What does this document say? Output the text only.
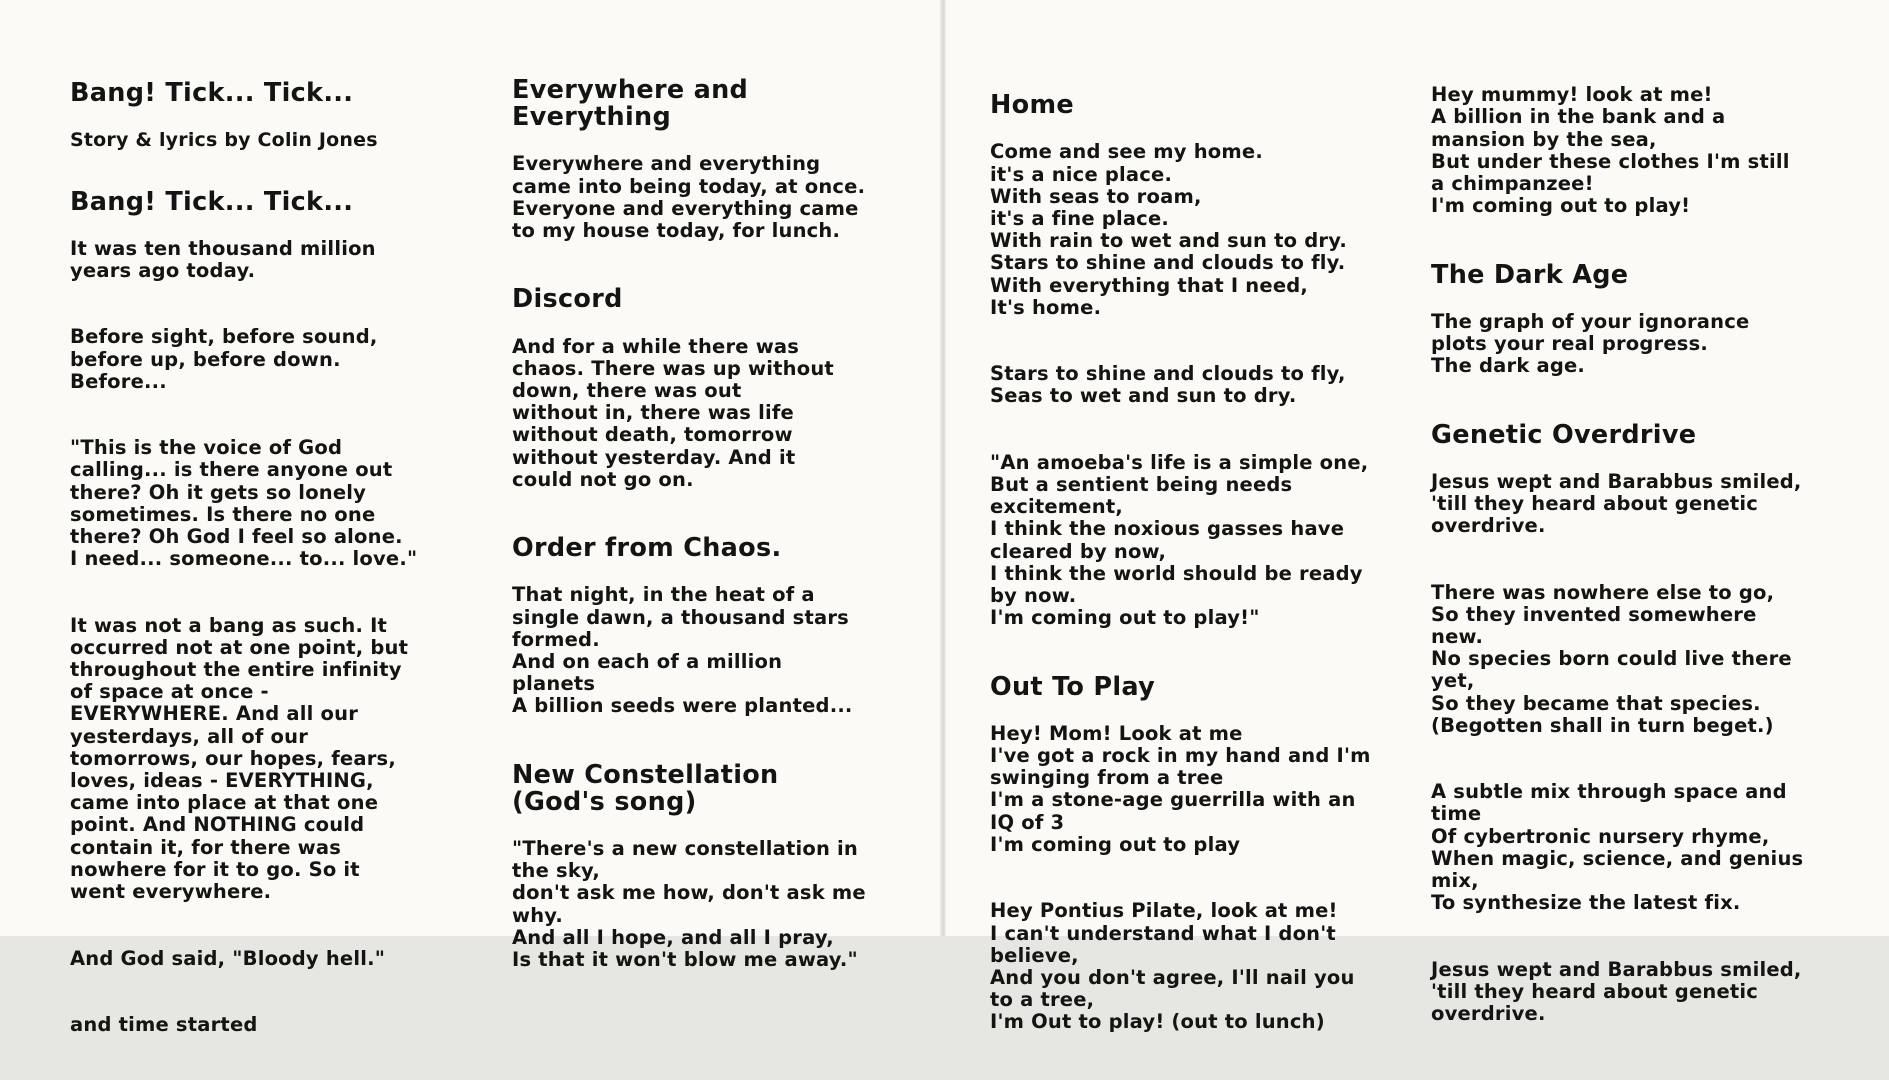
Bang! Tick... Tick...

Story & lyrics by Colin Jones

Bang! Tick... Tick...

It was ten thousand million
years ago today.

Before sight, before sound,
before up, before down.
Before...

"This is the voice of God
calling... is there anyone out
there? Oh it gets so lonely
sometimes. Is there no one
there? Oh God I feel so alone.
I need... someone... to... love."

It was not a bang as such. It
occurred not at one point, but
throughout the entire infinity
of space at once -
EVERYWHERE. And all our
yesterdays, all of our
tomorrows, our hopes, fears,
loves, ideas - EVERYTHING,
came into place at that one
point. And NOTHING could
contain it, for there was
nowhere for it to go. So it
went everywhere.

And God said, "Bloody hell."

and time started

Everywhere and
Everything

Everywhere and everything
came into being today, at once.
Everyone and everything came
to my house today, for lunch.

Discord

And for a while there was
chaos. There was up without
down, there was out
without in, there was life
without death, tomorrow
without yesterday. And it
could not go on.

Order from Chaos.

That night, in the heat of a
single dawn, a thousand stars
formed.
And on each of a million
planets
A billion seeds were planted...

New Constellation
(God's song)

"There's a new constellation in
the sky,
don't ask me how, don't ask me
why.
And all I hope, and all I pray,
Is that it won't blow me away."

Home

Come and see my home.
it's a nice place.
With seas to roam,
it's a fine place.
With rain to wet and sun to dry.
Stars to shine and clouds to fly.
With everything that I need,
It's home.

Stars to shine and clouds to fly,
Seas to wet and sun to dry.

"An amoeba's life is a simple one,
But a sentient being needs
excitement,
I think the noxious gasses have
cleared by now,
I think the world should be ready
by now.
I'm coming out to play!"

Out To Play

Hey! Mom! Look at me
I've got a rock in my hand and I'm
swinging from a tree
I'm a stone-age guerrilla with an
IQ of 3
I'm coming out to play

Hey Pontius Pilate, look at me!
I can't understand what I don't
believe,
And you don't agree, I'll nail you
to a tree,
I'm Out to play! (out to lunch)

Hey mummy! look at me!
A billion in the bank and a
mansion by the sea,
But under these clothes I'm still
a chimpanzee!
I'm coming out to play!

The Dark Age

The graph of your ignorance
plots your real progress.
The dark age.

Genetic Overdrive

Jesus wept and Barabbus smiled,
'till they heard about genetic
overdrive.

There was nowhere else to go,
So they invented somewhere
new.
No species born could live there
yet,
So they became that species.
(Begotten shall in turn beget.)

A subtle mix through space and
time
Of cybertronic nursery rhyme,
When magic, science, and genius
mix,
To synthesize the latest fix.

Jesus wept and Barabbus smiled,
'till they heard about genetic
overdrive.
